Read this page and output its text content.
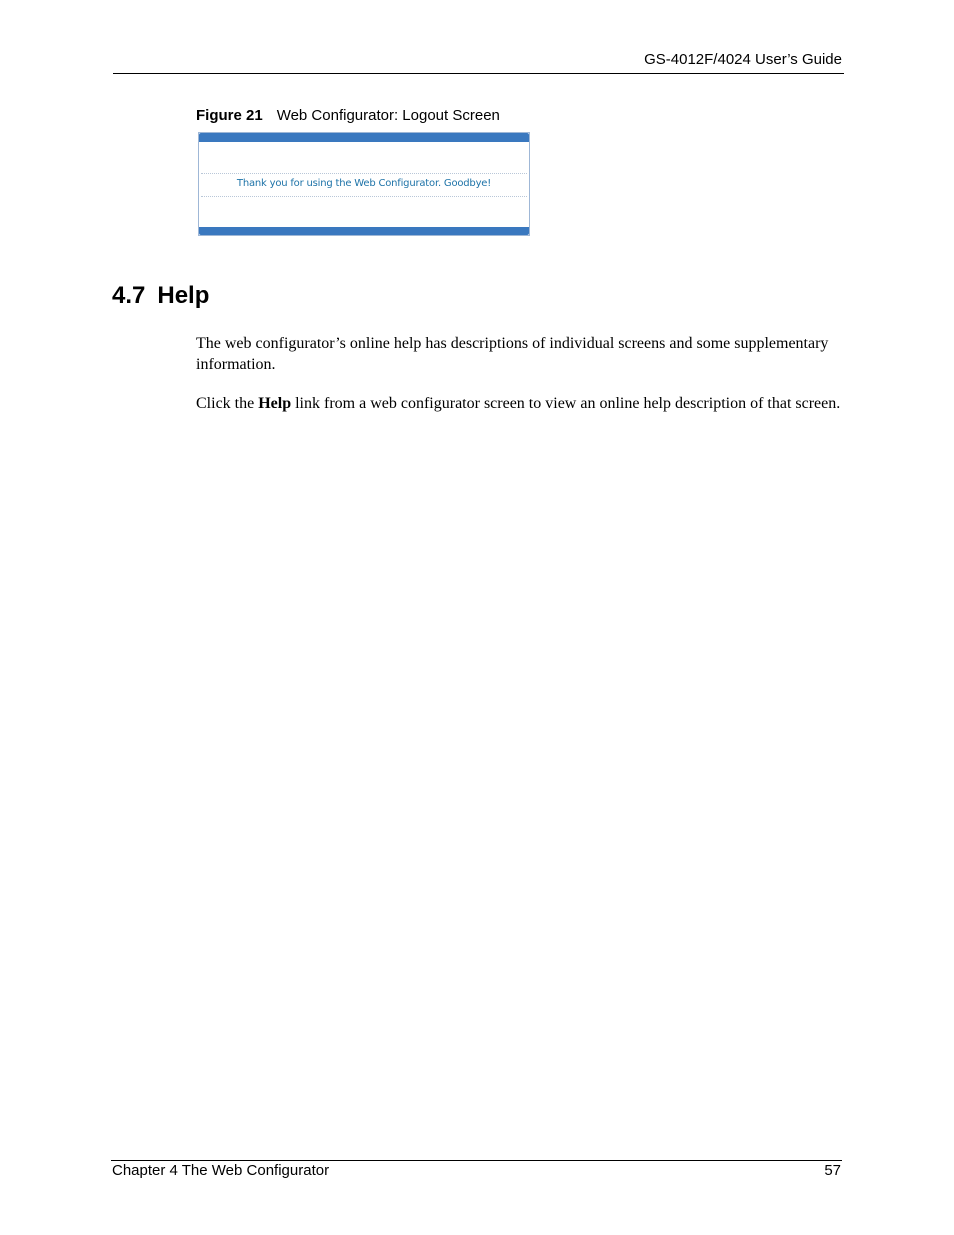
GS-4012F/4024 User’s Guide
Figure 21 Web Configurator: Logout Screen
Thank you for using the Web Configurator. Goodbye!
4.7 Help
The web configurator’s online help has descriptions of individual screens and some supplementary information.
Click the Help link from a web configurator screen to view an online help description of that screen.
Chapter 4 The Web Configurator	57
